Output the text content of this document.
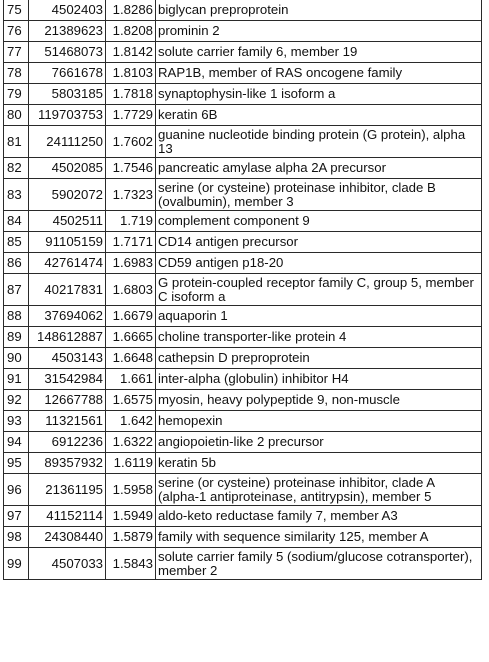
75	4502403	1.8286	biglycan preproprotein
76	21389623	1.8208	prominin 2
77	51468073	1.8142	solute carrier family 6, member 19
78	7661678	1.8103	RAP1B, member of RAS oncogene family
79	5803185	1.7818	synaptophysin-like 1 isoform a
80	119703753	1.7729	keratin 6B
81	24111250	1.7602	guanine nucleotide binding protein (G protein), alpha 13
82	4502085	1.7546	pancreatic amylase alpha 2A precursor
83	5902072	1.7323	serine (or cysteine) proteinase inhibitor, clade B (ovalbumin), member 3
84	4502511	1.719	complement component 9
85	91105159	1.7171	CD14 antigen precursor
86	42761474	1.6983	CD59 antigen p18-20
87	40217831	1.6803	G protein-coupled receptor family C, group 5, member C isoform a
88	37694062	1.6679	aquaporin 1
89	148612887	1.6665	choline transporter-like protein 4
90	4503143	1.6648	cathepsin D preproprotein
91	31542984	1.661	inter-alpha (globulin) inhibitor H4
92	12667788	1.6575	myosin, heavy polypeptide 9, non-muscle
93	11321561	1.642	hemopexin
94	6912236	1.6322	angiopoietin-like 2 precursor
95	89357932	1.6119	keratin 5b
96	21361195	1.5958	serine (or cysteine) proteinase inhibitor, clade A (alpha-1 antiproteinase, antitrypsin), member 5
97	41152114	1.5949	aldo-keto reductase family 7, member A3
98	24308440	1.5879	family with sequence similarity 125, member A
99	4507033	1.5843	solute carrier family 5 (sodium/glucose cotransporter), member 2
